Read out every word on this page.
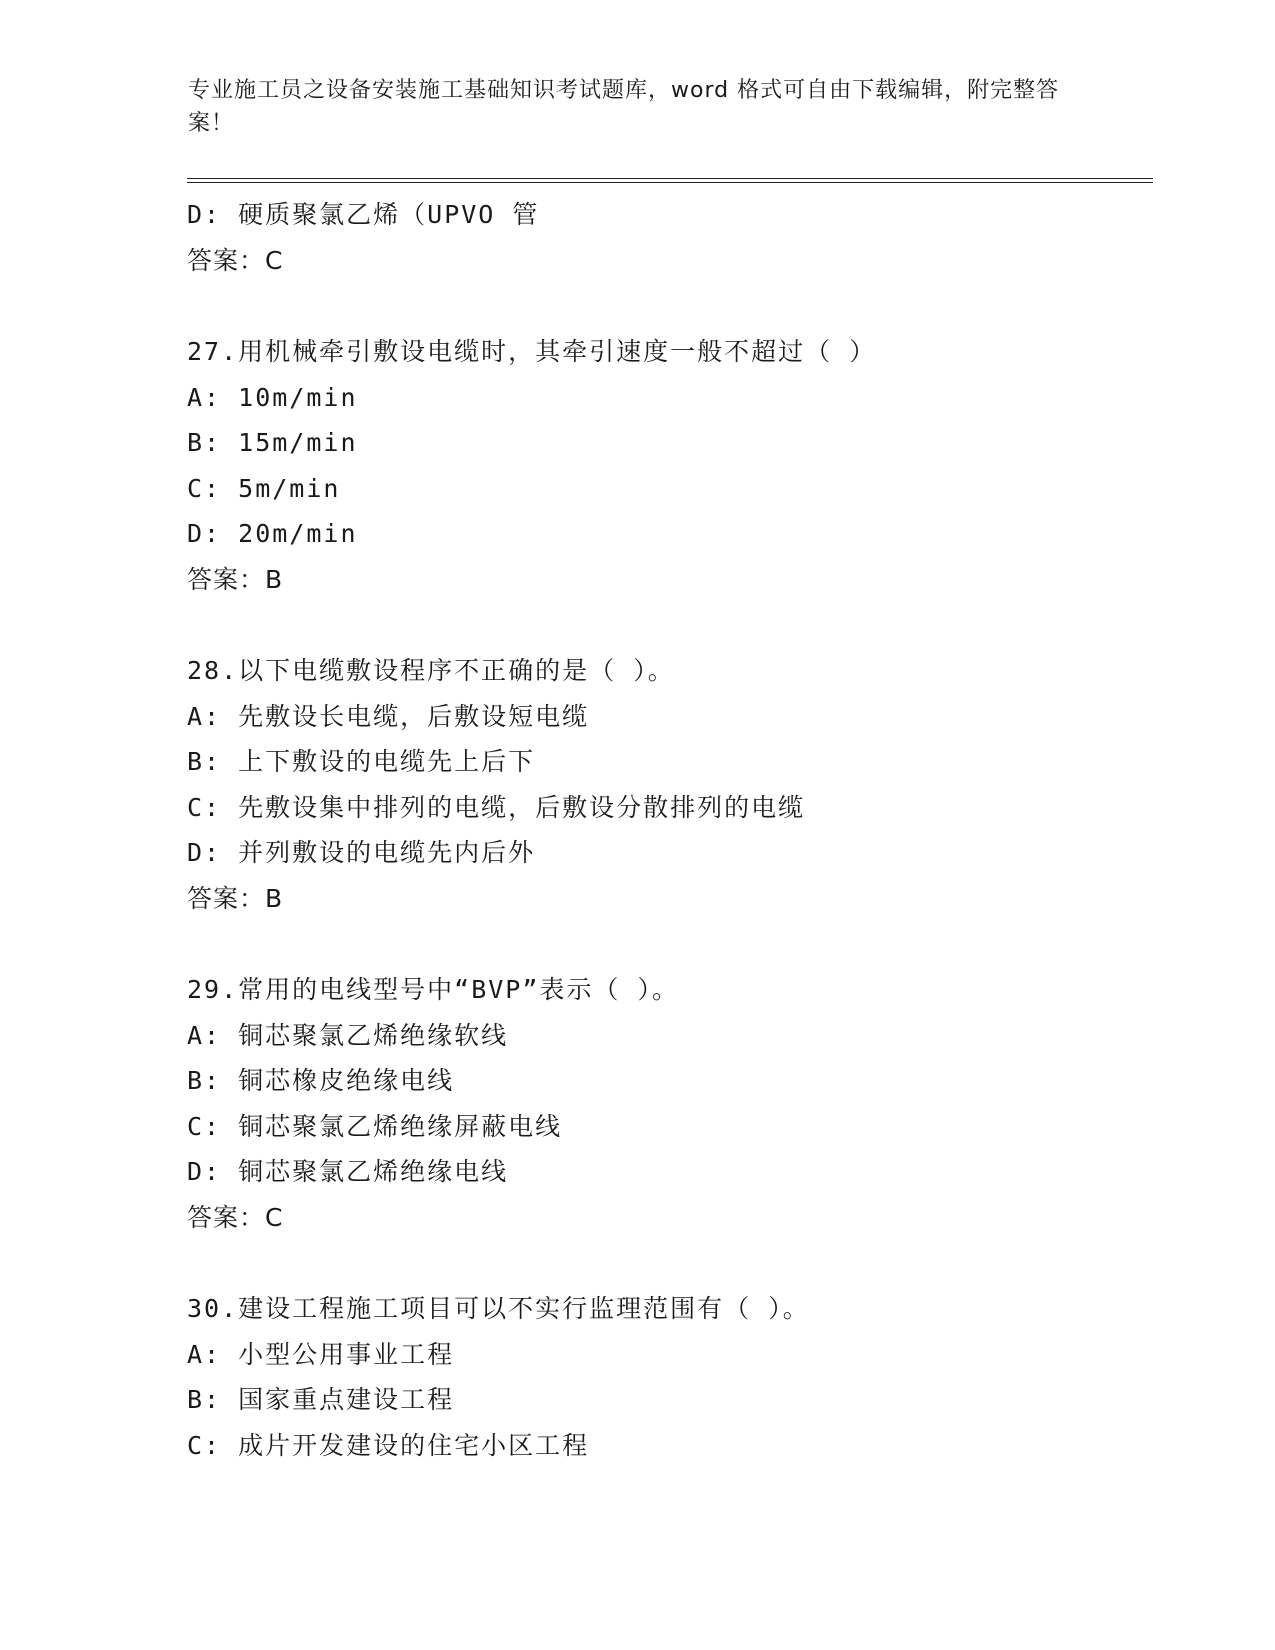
专业施工员之设备安装施工基础知识考试题库，word 格式可自由下载编辑，附完整答案！
D: 硬质聚氯乙烯（UPVO 管
答案：C
27.用机械牵引敷设电缆时，其牵引速度一般不超过（ ）
A: 10m/min
B: 15m/min
C: 5m/min
D: 20m/min
答案：B
28.以下电缆敷设程序不正确的是（ ）。
A: 先敷设长电缆，后敷设短电缆
B: 上下敷设的电缆先上后下
C: 先敷设集中排列的电缆，后敷设分散排列的电缆
D: 并列敷设的电缆先内后外
答案：B
29.常用的电线型号中“BVP”表示（ ）。
A: 铜芯聚氯乙烯绝缘软线
B: 铜芯橡皮绝缘电线
C: 铜芯聚氯乙烯绝缘屏蔽电线
D: 铜芯聚氯乙烯绝缘电线
答案：C
30.建设工程施工项目可以不实行监理范围有（ ）。
A: 小型公用事业工程
B: 国家重点建设工程
C: 成片开发建设的住宅小区工程
